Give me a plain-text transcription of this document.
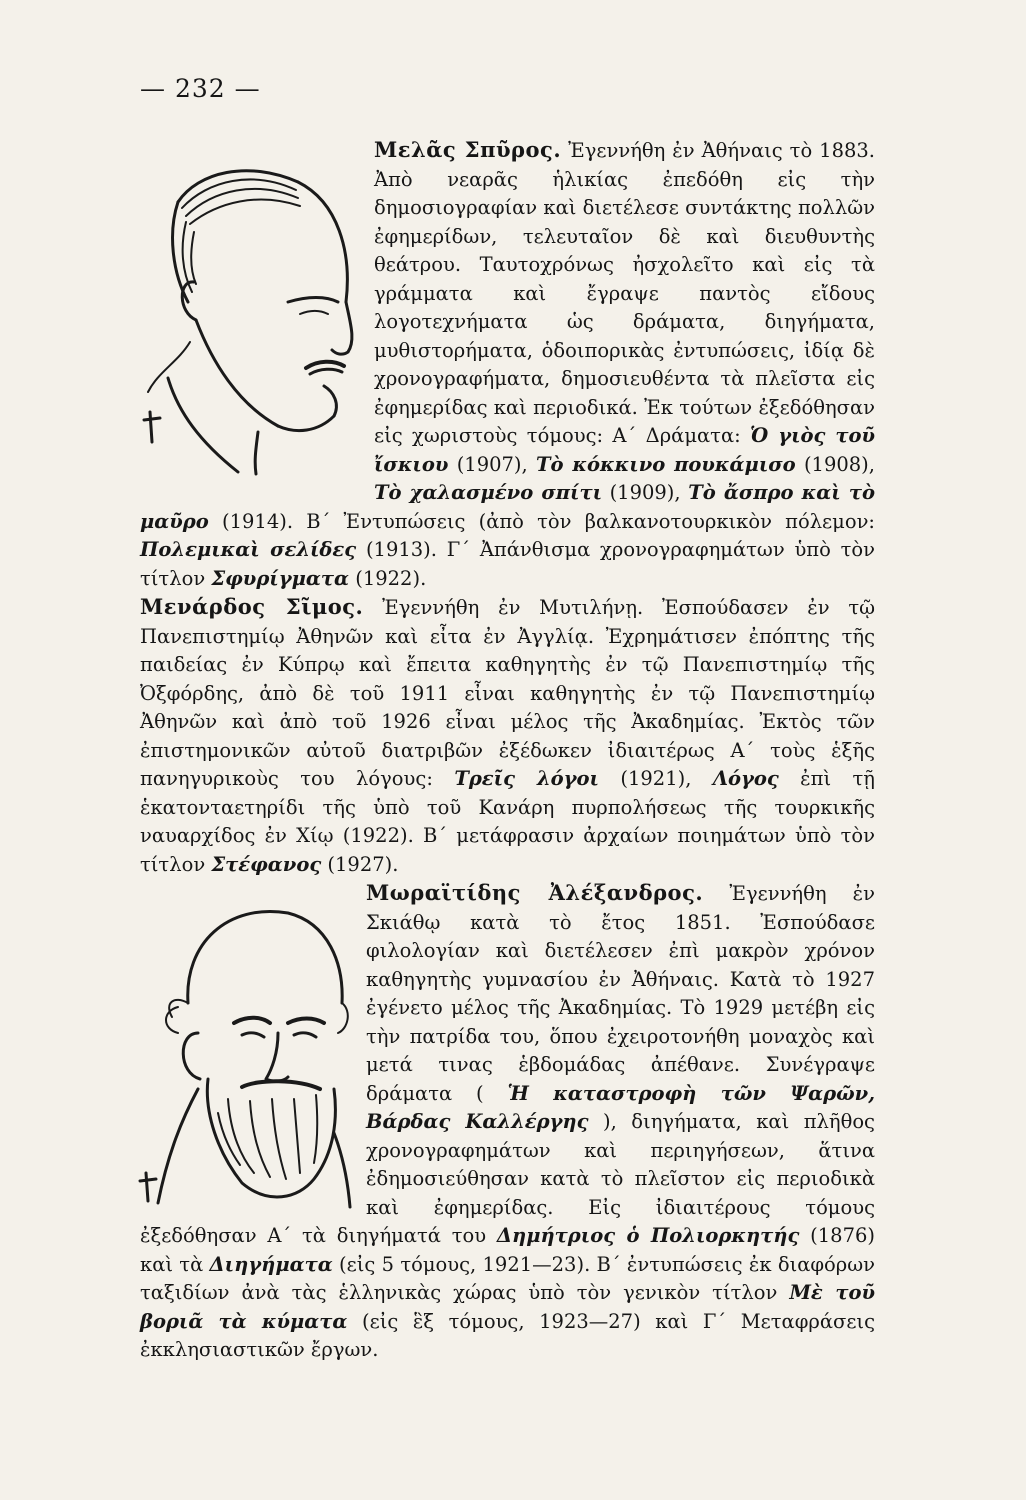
— 232 —

Μελᾶς Σπῦρος. Ἐγεννήθη ἐν Ἀθήναις τὸ 1883. Ἀπὸ νεαρᾶς ἡλικίας ἐπεδόθη εἰς τὴν δημοσιογραφίαν καὶ διετέλεσε συντάκτης πολλῶν ἐφημερίδων, τελευταῖον δὲ καὶ διευθυντὴς θεάτρου. Ταυτοχρόνως ἠσχολεῖτο καὶ εἰς τὰ γράμματα καὶ ἔγραψε παντὸς εἴδους λογοτεχνήματα ὡς δράματα, διηγήματα, μυθιστορήματα, ὁδοιπορικὰς ἐντυπώσεις, ἰδίᾳ δὲ χρονογραφήματα, δημοσιευθέντα τὰ πλεῖστα εἰς ἐφημερίδας καὶ περιοδικά. Ἐκ τούτων ἐξεδόθησαν εἰς χωριστοὺς τόμους: Α΄ Δράματα: Ὁ γιὸς τοῦ ἴσκιου (1907), Τὸ κόκκινο πουκάμισο (1908), Τὸ χαλασμένο σπίτι (1909), Τὸ ἄσπρο καὶ τὸ μαῦρο (1914). Β΄ Ἐντυπώσεις (ἀπὸ τὸν βαλκανοτουρκικὸν πόλεμον: Πολεμικαὶ σελίδες (1913). Γ΄ Ἀπάνθισμα χρονογραφημάτων ὑπὸ τὸν τίτλον Σφυρίγματα (1922).

Μενάρδος Σῖμος. Ἐγεννήθη ἐν Μυτιλήνῃ. Ἐσπούδασεν ἐν τῷ Πανεπιστημίῳ Ἀθηνῶν καὶ εἶτα ἐν Ἀγγλίᾳ. Ἐχρημάτισεν ἐπόπτης τῆς παιδείας ἐν Κύπρῳ καὶ ἔπειτα καθηγητὴς ἐν τῷ Πανεπιστημίῳ τῆς Ὀξφόρδης, ἀπὸ δὲ τοῦ 1911 εἶναι καθηγητὴς ἐν τῷ Πανεπιστημίῳ Ἀθηνῶν καὶ ἀπὸ τοῦ 1926 εἶναι μέλος τῆς Ἀκαδημίας. Ἐκτὸς τῶν ἐπιστημονικῶν αὐτοῦ διατριβῶν ἐξέδωκεν ἰδιαιτέρως Α΄ τοὺς ἑξῆς πανηγυρικοὺς του λόγους: Τρεῖς λόγοι (1921), Λόγος ἐπὶ τῇ ἑκατονταετηρίδι τῆς ὑπὸ τοῦ Κανάρη πυρπολήσεως τῆς τουρκικῆς ναυαρχίδος ἐν Χίῳ (1922). Β΄ μετάφρασιν ἀρχαίων ποιημάτων ὑπὸ τὸν τίτλον Στέφανος (1927).

Μωραϊτίδης Ἀλέξανδρος. Ἐγεννήθη ἐν Σκιάθῳ κατὰ τὸ ἔτος 1851. Ἐσπούδασε φιλολογίαν καὶ διετέλεσεν ἐπὶ μακρὸν χρόνον καθηγητὴς γυμνασίου ἐν Ἀθήναις. Κατὰ τὸ 1927 ἐγένετο μέλος τῆς Ἀκαδημίας. Τὸ 1929 μετέβη εἰς τὴν πατρίδα του, ὅπου ἐχειροτονήθη μοναχὸς καὶ μετά τινας ἑβδομάδας ἀπέθανε. Συνέγραψε δράματα ( Ἡ καταστροφὴ τῶν Ψαρῶν, Βάρδας Καλλέργης ), διηγήματα, καὶ πλῆθος χρονογραφημάτων καὶ περιηγήσεων, ἅτινα ἐδημοσιεύθησαν κατὰ τὸ πλεῖστον εἰς περιοδικὰ καὶ ἐφημερίδας. Εἰς ἰδιαιτέρους τόμους ἐξεδόθησαν Α΄ τὰ διηγήματά του Δημήτριος ὁ Πολιορκητής (1876) καὶ τὰ Διηγήματα (εἰς 5 τόμους, 1921—23). Β΄ ἐντυπώσεις ἐκ διαφόρων ταξιδίων ἀνὰ τὰς ἑλληνικὰς χώρας ὑπὸ τὸν γενικὸν τίτλον Μὲ τοῦ βοριᾶ τὰ κύματα (εἰς ἓξ τόμους, 1923—27) καὶ Γ΄ Μεταφράσεις ἐκκλησιαστικῶν ἔργων.
